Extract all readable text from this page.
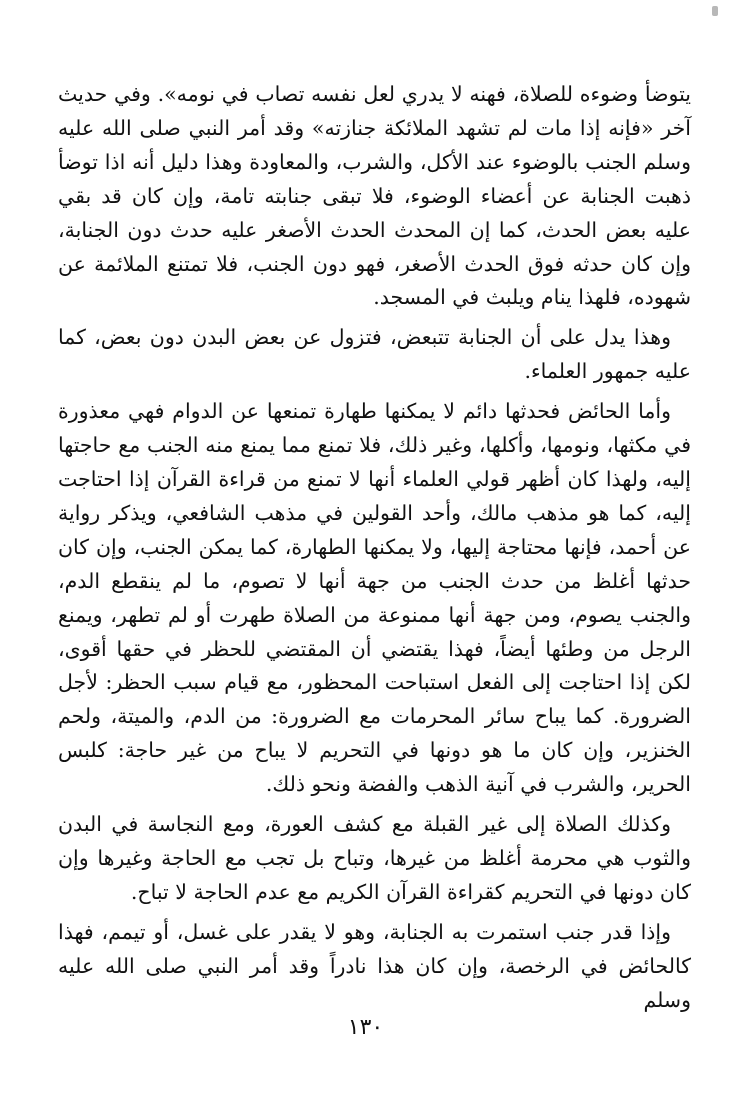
يتوضأ وضوءه للصلاة، فهنه لا يدري لعل نفسه تصاب في نومه». وفي حديث آخر «فإنه إذا مات لم تشهد الملائكة جنازته» وقد أمر النبي صلى الله عليه وسلم الجنب بالوضوء عند الأكل، والشرب، والمعاودة وهذا دليل أنه اذا توضأ ذهبت الجنابة عن أعضاء الوضوء، فلا تبقى جنابته تامة، وإن كان قد بقي عليه بعض الحدث، كما إن المحدث الحدث الأصغر عليه حدث دون الجنابة، وإن كان حدثه فوق الحدث الأصغر، فهو دون الجنب، فلا تمتنع الملائمة عن شهوده، فلهذا ينام ويلبث في المسجد.

وهذا يدل على أن الجنابة تتبعض، فتزول عن بعض البدن دون بعض، كما عليه جمهور العلماء.

وأما الحائض فحدثها دائم لا يمكنها طهارة تمنعها عن الدوام فهي معذورة في مكثها، ونومها، وأكلها، وغير ذلك، فلا تمنع مما يمنع منه الجنب مع حاجتها إليه، ولهذا كان أظهر قولي العلماء أنها لا تمنع من قراءة القرآن إذا احتاجت إليه، كما هو مذهب مالك، وأحد القولين في مذهب الشافعي، ويذكر رواية عن أحمد، فإنها محتاجة إليها، ولا يمكنها الطهارة، كما يمكن الجنب، وإن كان حدثها أغلظ من حدث الجنب من جهة أنها لا تصوم، ما لم ينقطع الدم، والجنب يصوم، ومن جهة أنها ممنوعة من الصلاة طهرت أو لم تطهر، ويمنع الرجل من وطئها أيضاً، فهذا يقتضي أن المقتضي للحظر في حقها أقوى، لكن إذا احتاجت إلى الفعل استباحت المحظور، مع قيام سبب الحظر: لأجل الضرورة. كما يباح سائر المحرمات مع الضرورة: من الدم، والميتة، ولحم الخنزير، وإن كان ما هو دونها في التحريم لا يباح من غير حاجة: كلبس الحرير، والشرب في آنية الذهب والفضة ونحو ذلك.

وكذلك الصلاة إلى غير القبلة مع كشف العورة، ومع النجاسة في البدن والثوب هي محرمة أغلظ من غيرها، وتباح بل تجب مع الحاجة وغيرها وإن كان دونها في التحريم كقراءة القرآن الكريم مع عدم الحاجة لا تباح.

وإذا قدر جنب استمرت به الجنابة، وهو لا يقدر على غسل، أو تيمم، فهذا كالحائض في الرخصة، وإن كان هذا نادراً وقد أمر النبي صلى الله عليه وسلم

١٣٠
